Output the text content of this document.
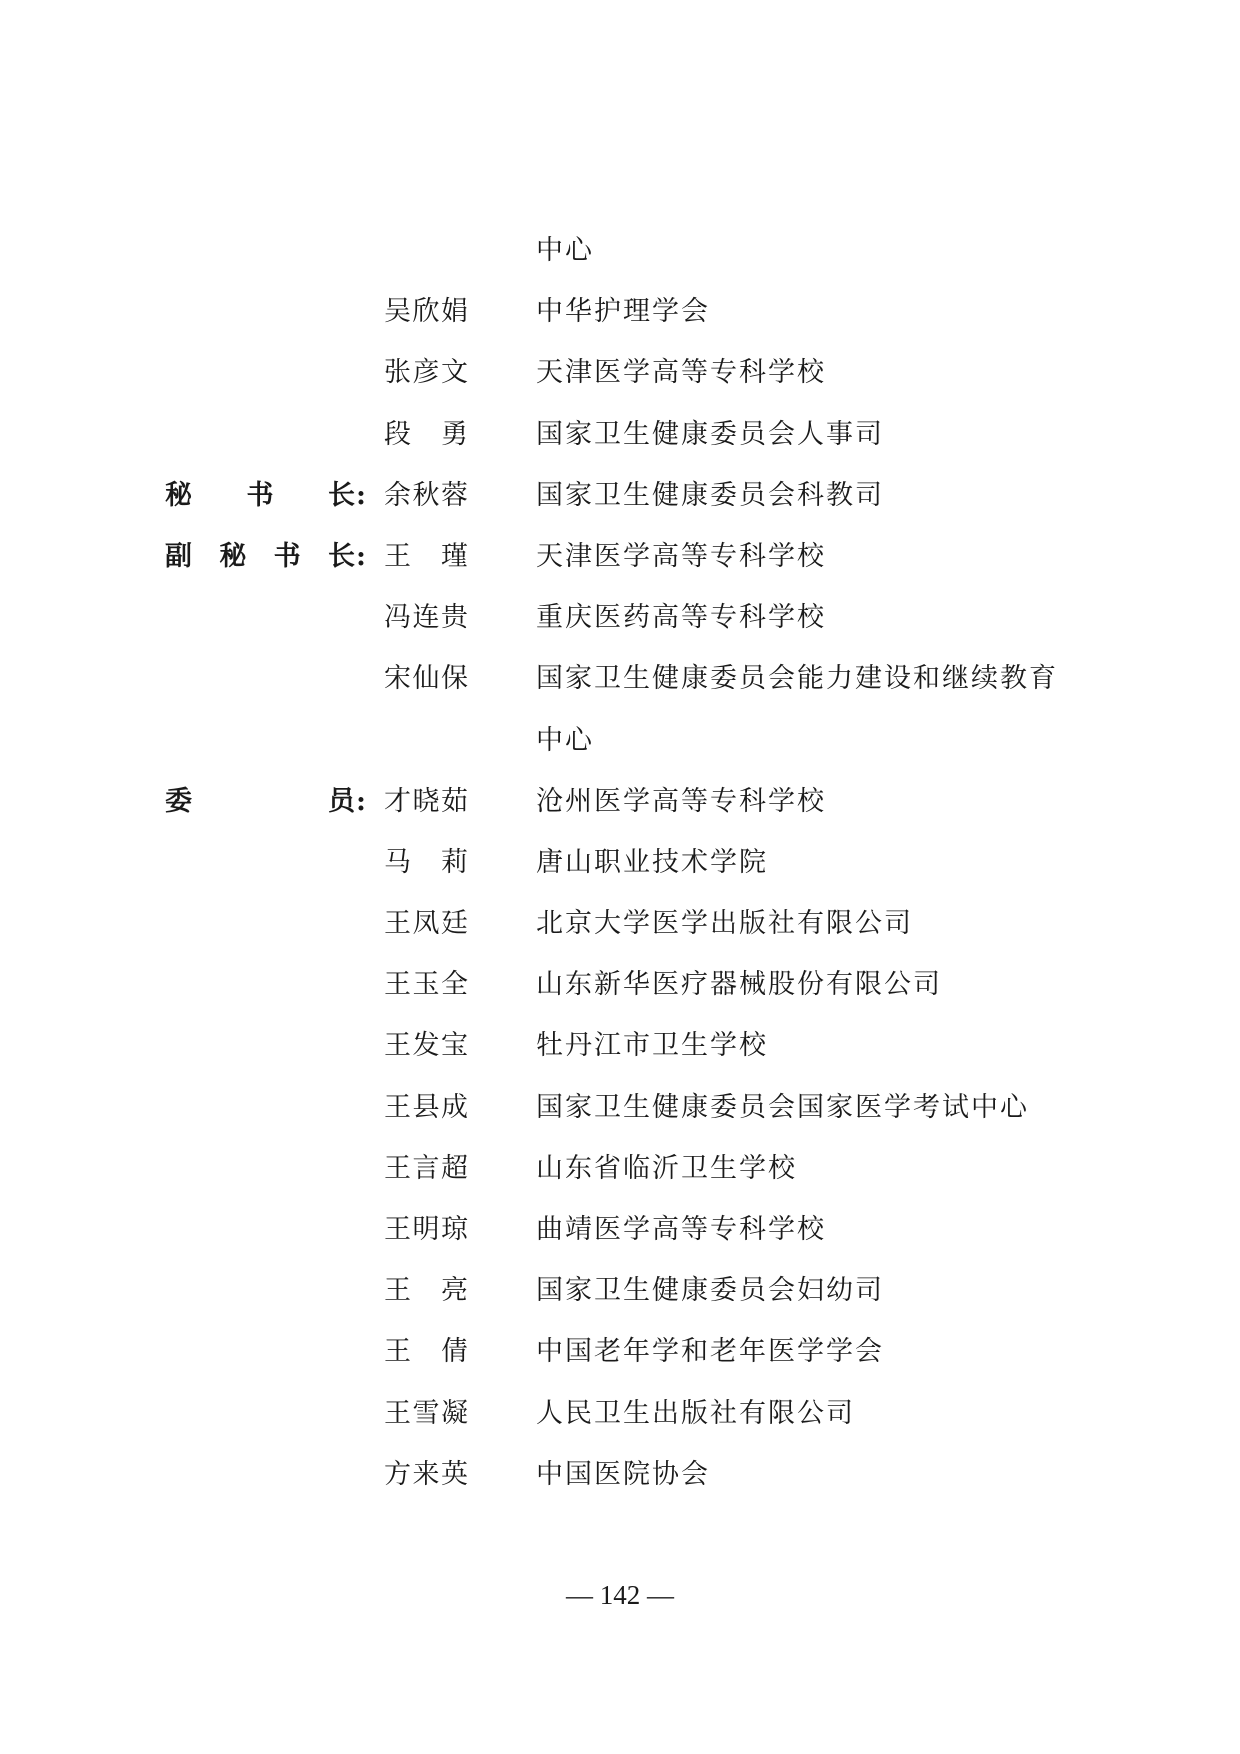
中心
吴欣娟	中华护理学会
张彦文	天津医学高等专科学校
段勇	国家卫生健康委员会人事司
秘书长 : 余秋蓉	国家卫生健康委员会科教司
副秘书长 : 王瑾	天津医学高等专科学校
冯连贵	重庆医药高等专科学校
宋仙保	国家卫生健康委员会能力建设和继续教育
中心
委员 : 才晓茹	沧州医学高等专科学校
马莉	唐山职业技术学院
王凤廷	北京大学医学出版社有限公司
王玉全	山东新华医疗器械股份有限公司
王发宝	牡丹江市卫生学校
王县成	国家卫生健康委员会国家医学考试中心
王言超	山东省临沂卫生学校
王明琼	曲靖医学高等专科学校
王亮	国家卫生健康委员会妇幼司
王倩	中国老年学和老年医学学会
王雪凝	人民卫生出版社有限公司
方来英	中国医院协会
— 142 —
